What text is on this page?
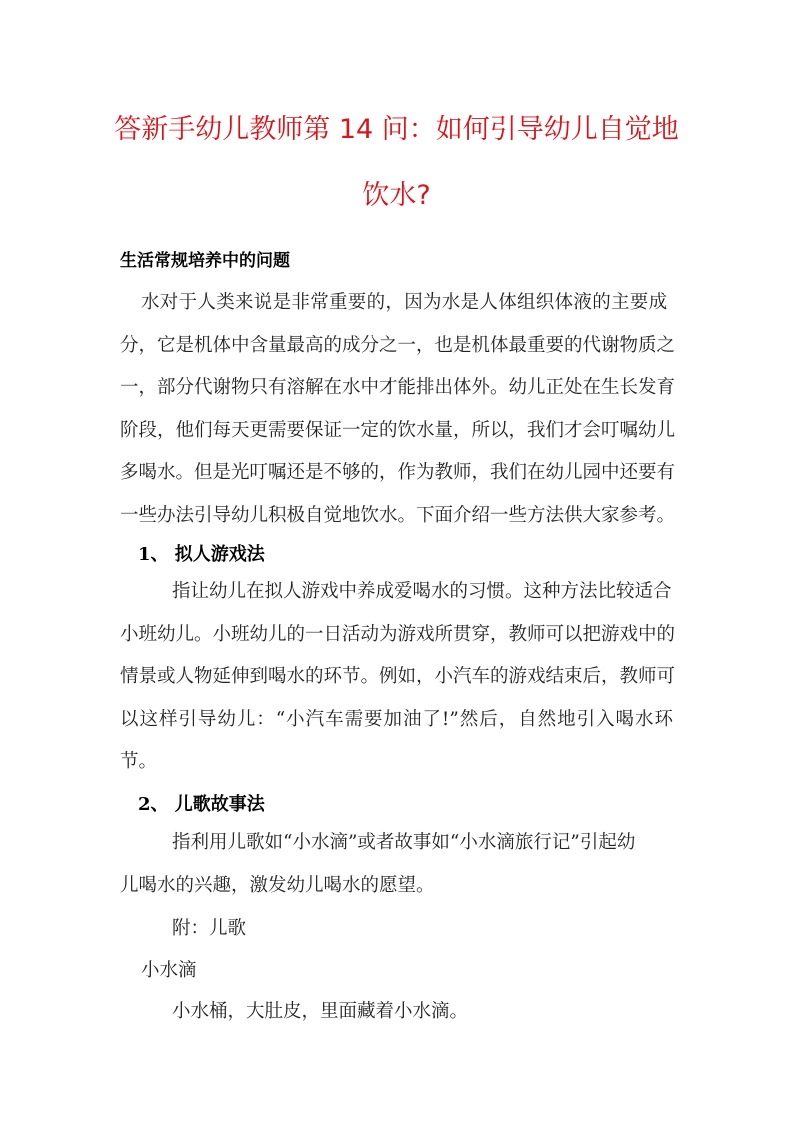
答新手幼儿教师第 14 问：如何引导幼儿自觉地
饮水?

生活常规培养中的问题

水对于人类来说是非常重要的，因为水是人体组织体液的主要成
分，它是机体中含量最高的成分之一，也是机体最重要的代谢物质之
一，部分代谢物只有溶解在水中才能排出体外。幼儿正处在生长发育
阶段，他们每天更需要保证一定的饮水量，所以，我们才会叮嘱幼儿
多喝水。但是光叮嘱还是不够的，作为教师，我们在幼儿园中还要有
一些办法引导幼儿积极自觉地饮水。下面介绍一些方法供大家参考。

1、 拟人游戏法

指让幼儿在拟人游戏中养成爱喝水的习惯。这种方法比较适合
小班幼儿。小班幼儿的一日活动为游戏所贯穿，教师可以把游戏中的
情景或人物延伸到喝水的环节。例如，小汽车的游戏结束后，教师可
以这样引导幼儿：“小汽车需要加油了!”然后，自然地引入喝水环
节。

2、 儿歌故事法

指利用儿歌如“小水滴”或者故事如“小水滴旅行记”引起幼
儿喝水的兴趣，激发幼儿喝水的愿望。

附：儿歌

小水滴

小水桶，大肚皮，里面藏着小水滴。
